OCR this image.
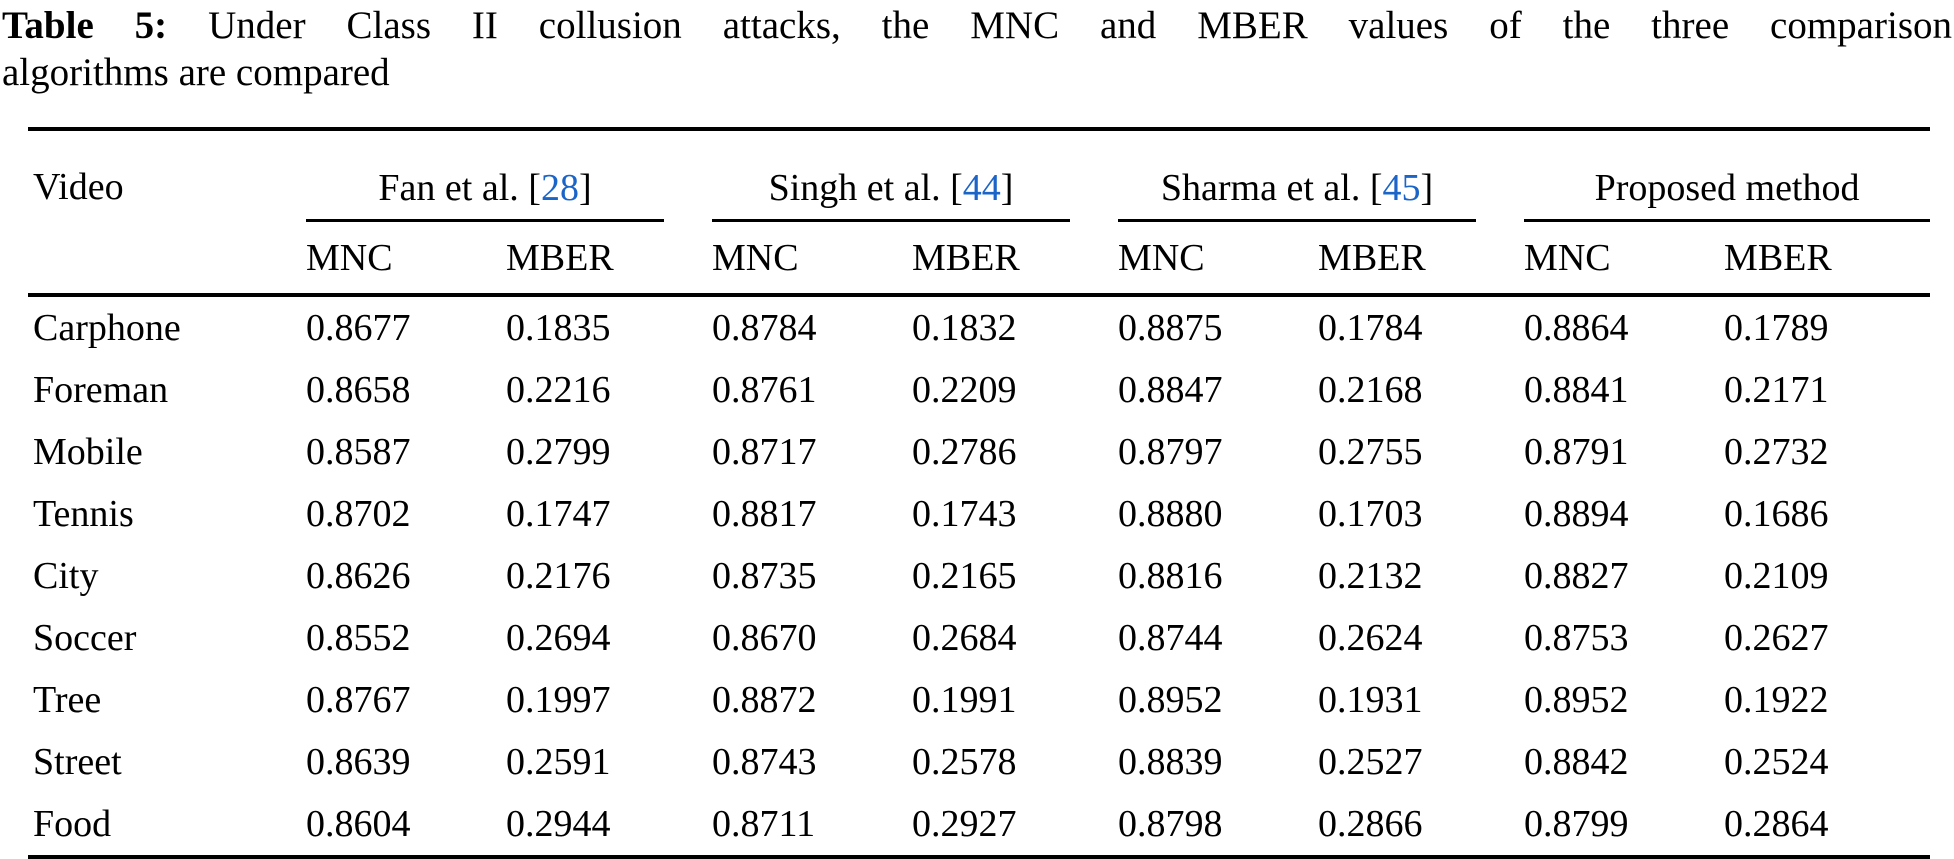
Table 5: Under Class II collusion attacks, the MNC and MBER values of the three comparison
algorithms are compared
Video	Fan et al. [28]		Singh et al. [44]		Sharma et al. [45]		Proposed method	

	MNC	MBER	MNC	MBER	MNC	MBER	MNC	MBER
Carphone	0.8677	0.1835	0.8784	0.1832	0.8875	0.1784	0.8864	0.1789
Foreman	0.8658	0.2216	0.8761	0.2209	0.8847	0.2168	0.8841	0.2171
Mobile	0.8587	0.2799	0.8717	0.2786	0.8797	0.2755	0.8791	0.2732
Tennis	0.8702	0.1747	0.8817	0.1743	0.8880	0.1703	0.8894	0.1686
City	0.8626	0.2176	0.8735	0.2165	0.8816	0.2132	0.8827	0.2109
Soccer	0.8552	0.2694	0.8670	0.2684	0.8744	0.2624	0.8753	0.2627
Tree	0.8767	0.1997	0.8872	0.1991	0.8952	0.1931	0.8952	0.1922
Street	0.8639	0.2591	0.8743	0.2578	0.8839	0.2527	0.8842	0.2524
Food	0.8604	0.2944	0.8711	0.2927	0.8798	0.2866	0.8799	0.2864
